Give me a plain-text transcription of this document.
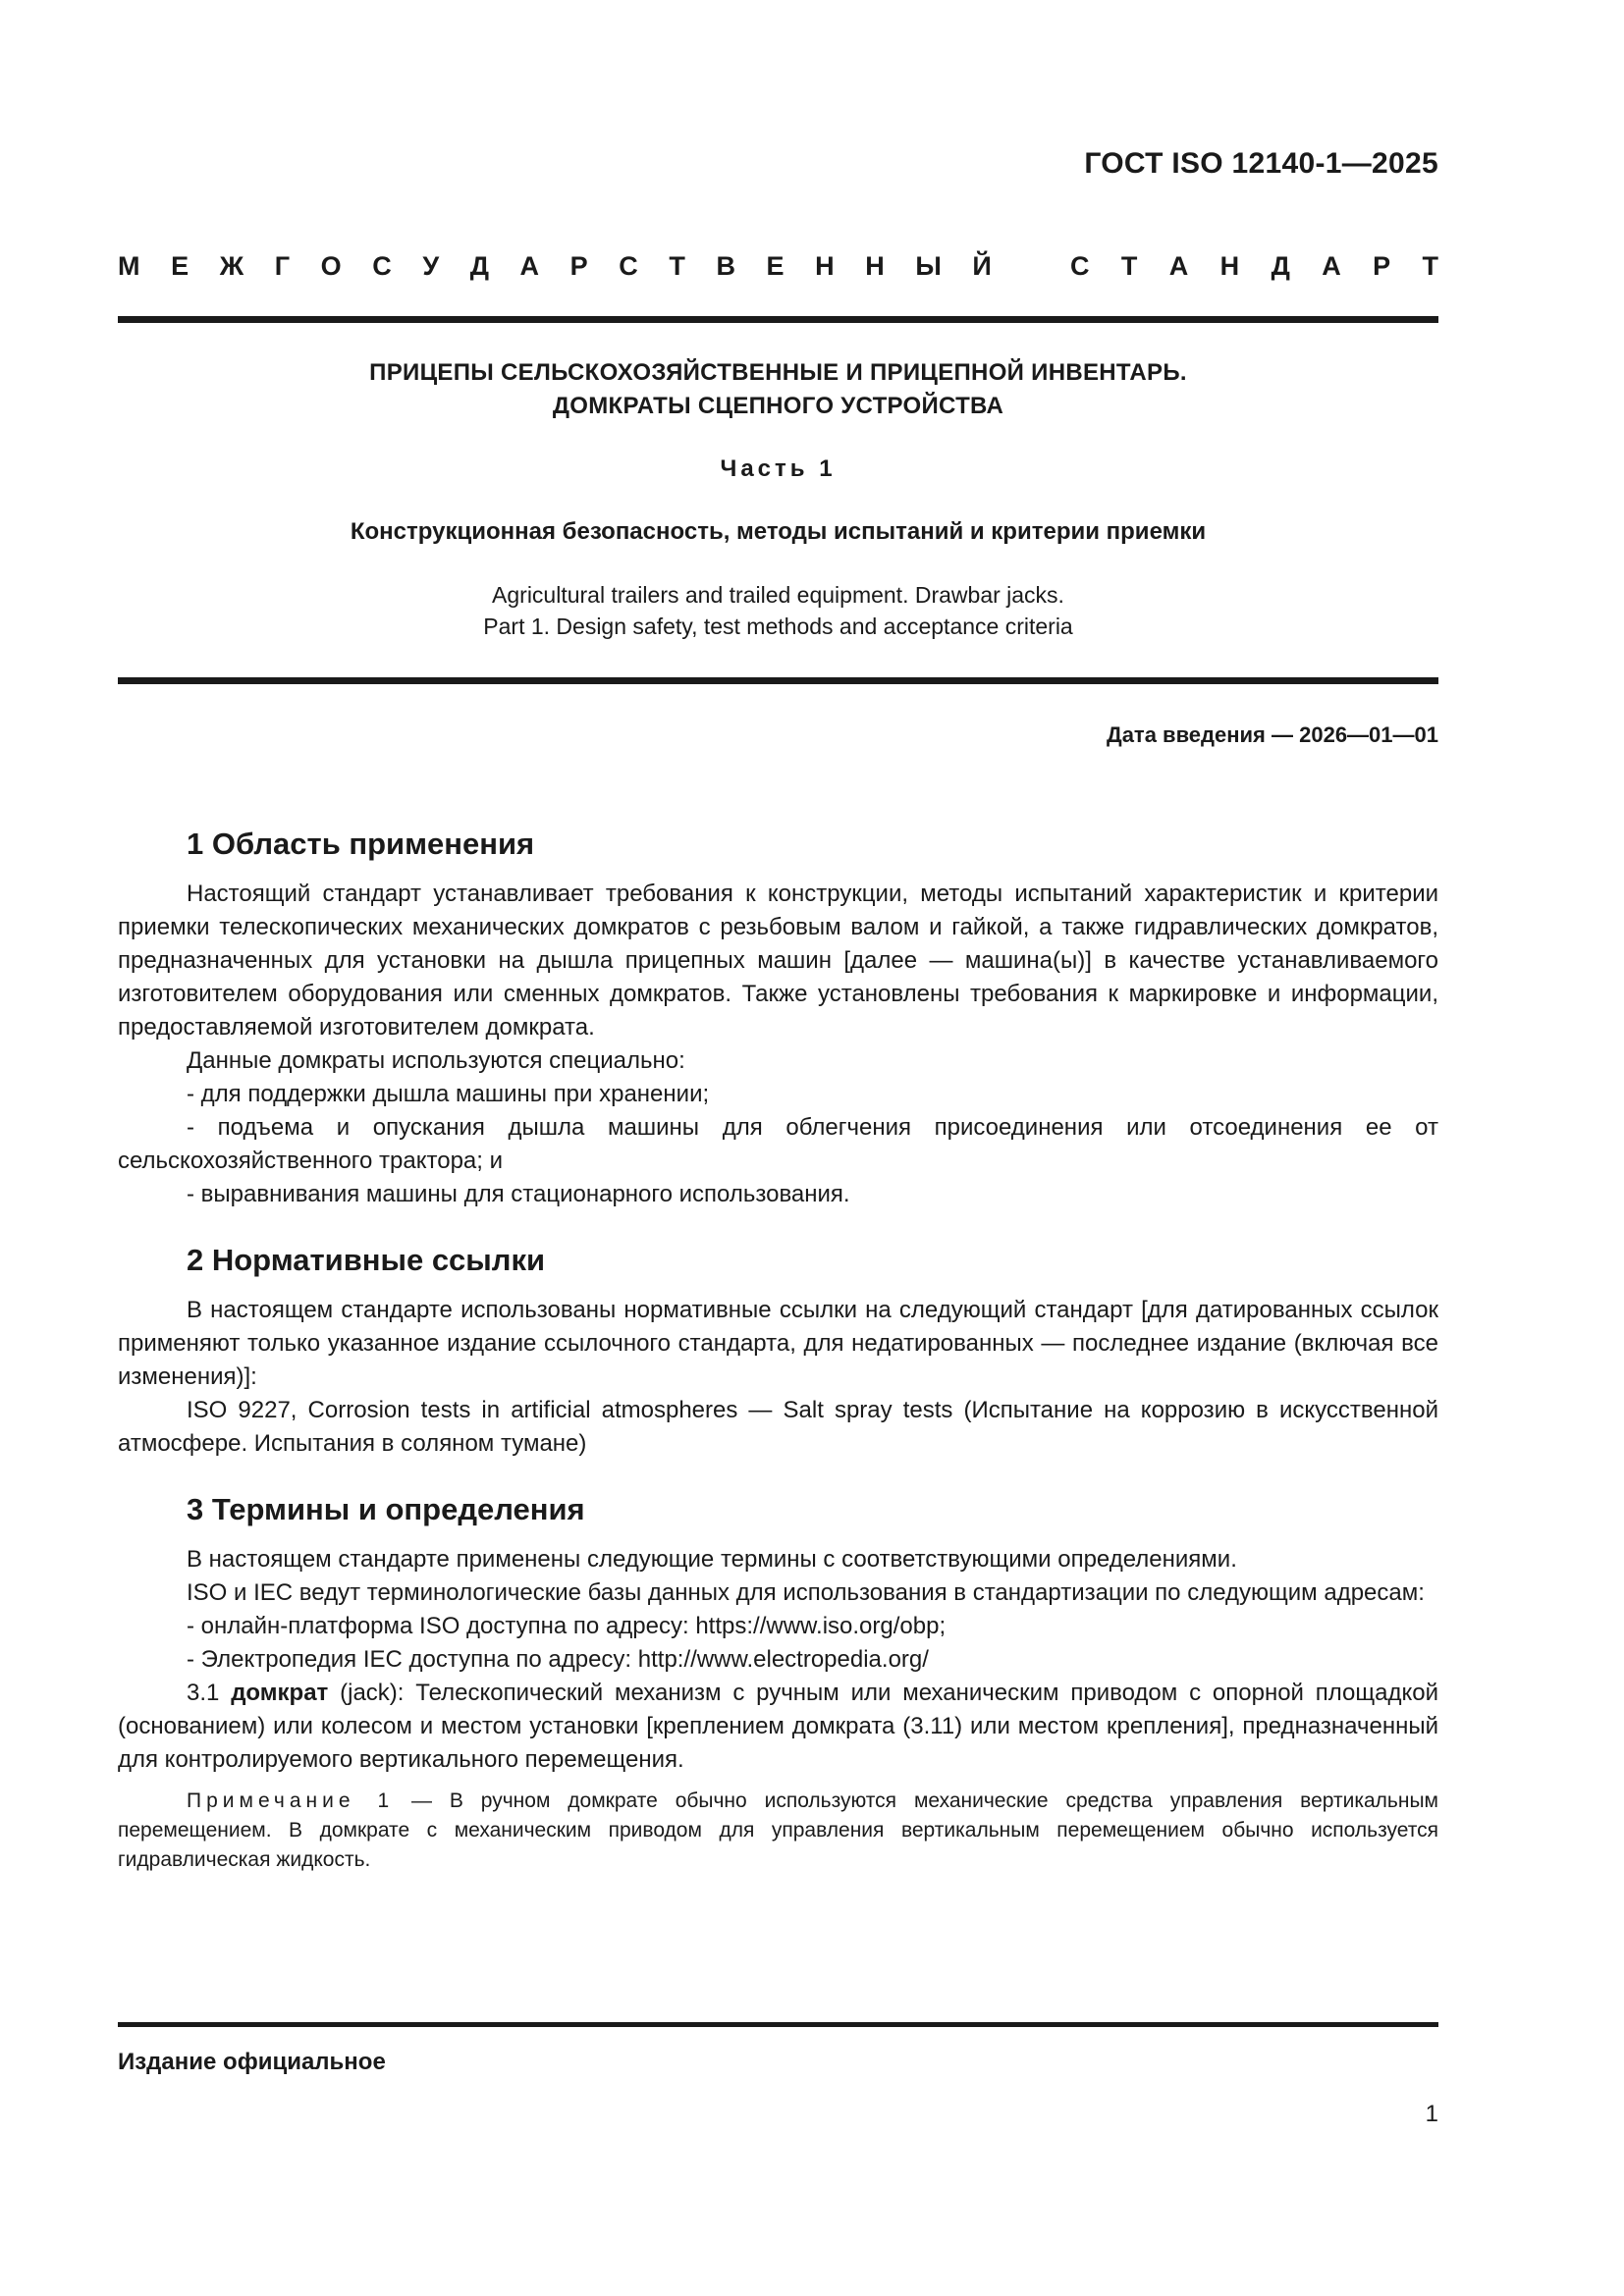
ГОСТ ISO 12140-1—2025
М Е Ж Г О С У Д А Р С Т В Е Н Н Ы Й	С Т А Н Д А Р Т
ПРИЦЕПЫ СЕЛЬСКОХОЗЯЙСТВЕННЫЕ И ПРИЦЕПНОЙ ИНВЕНТАРЬ.
ДОМКРАТЫ СЦЕПНОГО УСТРОЙСТВА
Часть 1
Конструкционная безопасность, методы испытаний и критерии приемки
Agricultural trailers and trailed equipment. Drawbar jacks.
Part 1. Design safety, test methods and acceptance criteria
Дата введения — 2026—01—01
1 Область применения

Настоящий стандарт устанавливает требования к конструкции, методы испытаний характеристик и критерии приемки телескопических механических домкратов с резьбовым валом и гайкой, а также гидравлических домкратов, предназначенных для установки на дышла прицепных машин [далее — машина(ы)] в качестве устанавливаемого изготовителем оборудования или сменных домкратов. Также установлены требования к маркировке и информации, предоставляемой изготовителем домкрата.

Данные домкраты используются специально:

- для поддержки дышла машины при хранении;

- подъема и опускания дышла машины для облегчения присоединения или отсоединения ее от сельскохозяйственного трактора; и

- выравнивания машины для стационарного использования.

2 Нормативные ссылки

В настоящем стандарте использованы нормативные ссылки на следующий стандарт [для датированных ссылок применяют только указанное издание ссылочного стандарта, для недатированных — последнее издание (включая все изменения)]:

ISO 9227, Corrosion tests in artificial atmospheres — Salt spray tests (Испытание на коррозию в искусственной атмосфере. Испытания в соляном тумане)

3 Термины и определения

В настоящем стандарте применены следующие термины с соответствующими определениями.

ISO и IEC ведут терминологические базы данных для использования в стандартизации по следующим адресам:

- онлайн-платформа ISO доступна по адресу: https://www.iso.org/obp;

- Электропедия IEC доступна по адресу: http://www.electropedia.org/

3.1 домкрат (jack): Телескопический механизм с ручным или механическим приводом с опорной площадкой (основанием) или колесом и местом установки [креплением домкрата (3.11) или местом крепления], предназначенный для контролируемого вертикального перемещения.

Примечание 1 — В ручном домкрате обычно используются механические средства управления вертикальным перемещением. В домкрате с механическим приводом для управления вертикальным перемещением обычно используется гидравлическая жидкость.

Издание официальное
1
